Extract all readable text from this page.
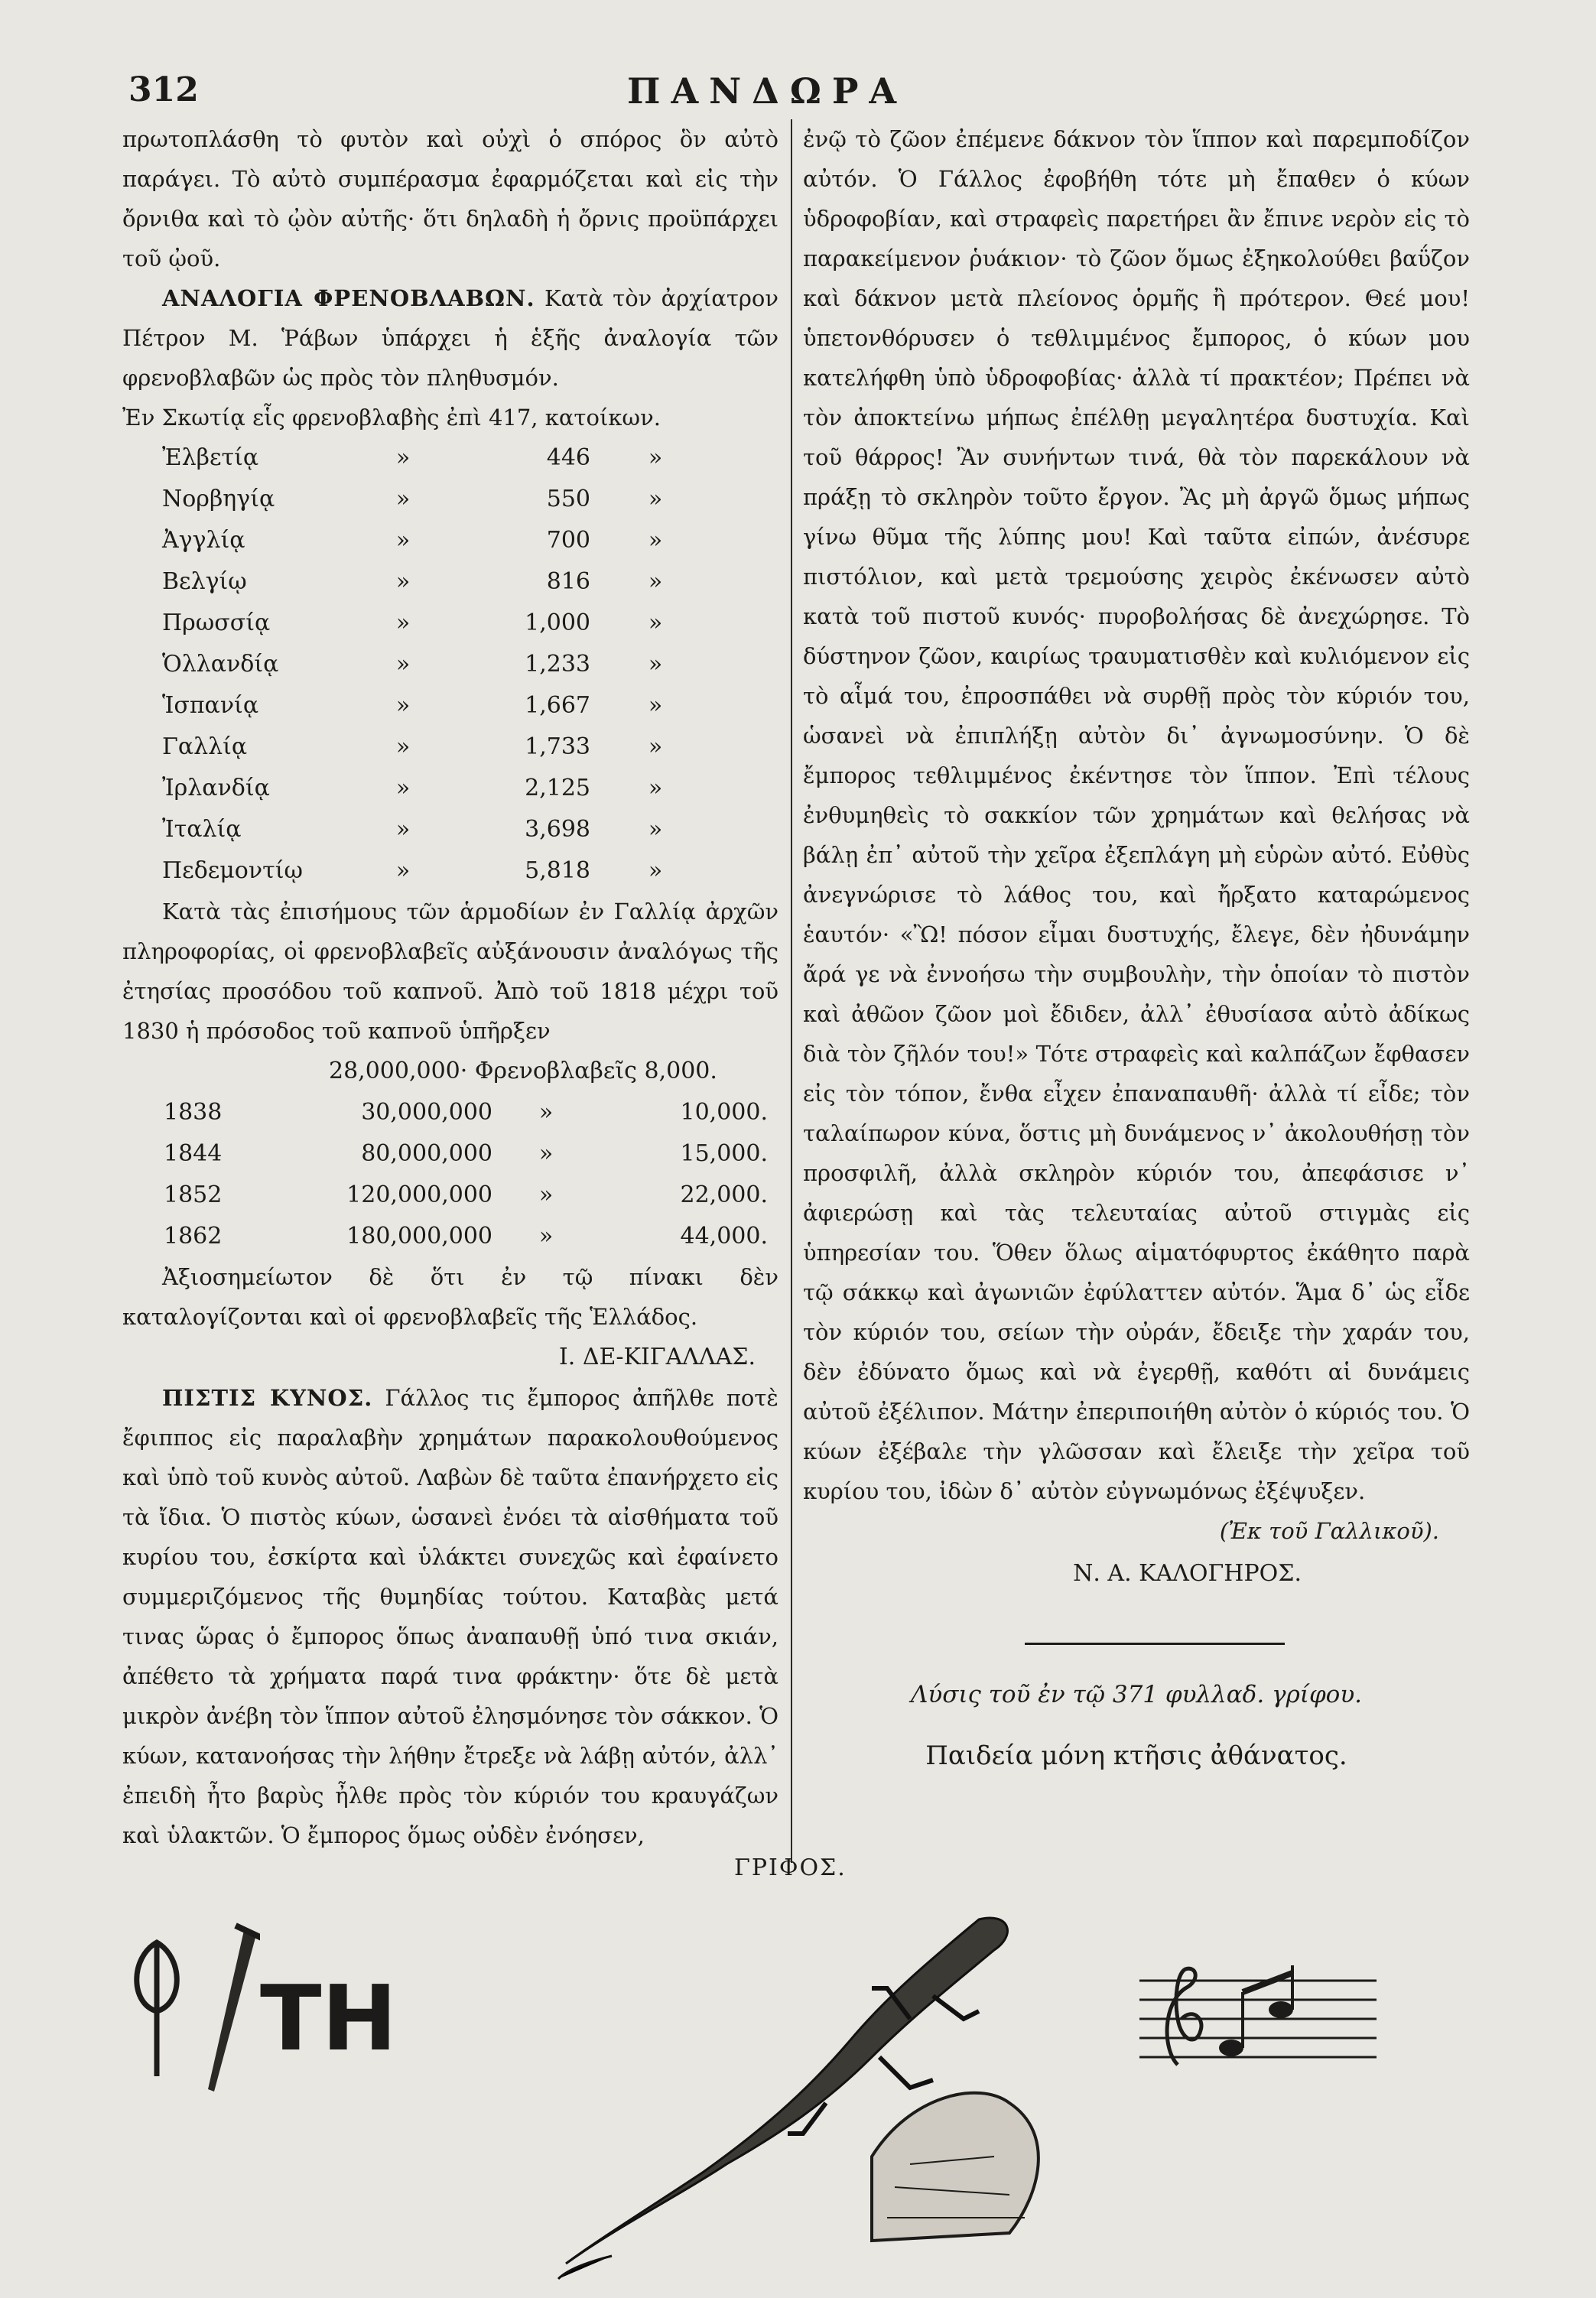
312	ΠΑΝΔΩΡΑ

πρωτοπλάσθη τὸ φυτὸν καὶ οὐχὶ ὁ σπόρος ὃν αὐτὸ παράγει. Τὸ αὐτὸ συμπέρασμα ἐφαρμόζεται καὶ εἰς τὴν ὄρνιθα καὶ τὸ ᾠὸν αὐτῆς· ὅτι δηλαδὴ ἡ ὄρνις προϋπάρχει τοῦ ᾠοῦ.

ΑΝΑΛΟΓΙΑ ΦΡΕΝΟΒΛΑΒΩΝ. Κατὰ τὸν ἀρχίατρον Πέτρον Μ. Ῥάβων ὑπάρχει ἡ ἑξῆς ἀναλογία τῶν φρενοβλαβῶν ὡς πρὸς τὸν πληθυσμόν.

Ἐν Σκωτίᾳ εἷς φρενοβλαβὴς ἐπὶ 417, κατοίκων.

Ἐλβετίᾳ	»	446	»
Νορβηγίᾳ	»	550	»
Ἀγγλίᾳ	»	700	»
Βελγίῳ	»	816	»
Πρωσσίᾳ	»	1,000	»
Ὁλλανδίᾳ	»	1,233	»
Ἱσπανίᾳ	»	1,667	»
Γαλλίᾳ	»	1,733	»
Ἰρλανδίᾳ	»	2,125	»
Ἰταλίᾳ	»	3,698	»
Πεδεμοντίῳ	»	5,818	»

Κατὰ τὰς ἐπισήμους τῶν ἁρμοδίων ἐν Γαλλίᾳ ἀρχῶν πληροφορίας, οἱ φρενοβλαβεῖς αὐξάνουσιν ἀναλόγως τῆς ἐτησίας προσόδου τοῦ καπνοῦ. Ἀπὸ τοῦ 1818 μέχρι τοῦ 1830 ἡ πρόσοδος τοῦ καπνοῦ ὑπῆρξεν

28,000,000· Φρενοβλαβεῖς 8,000.
1838	30,000,000	»	10,000.
1844	80,000,000	»	15,000.
1852	120,000,000	»	22,000.
1862	180,000,000	»	44,000.

Ἀξιοσημείωτον δὲ ὅτι ἐν τῷ πίνακι δὲν καταλογίζονται καὶ οἱ φρενοβλαβεῖς τῆς Ἑλλάδος.

Ι. ΔΕ-ΚΙΓΑΛΛΑΣ.

ΠΙΣΤΙΣ ΚΥΝΟΣ. Γάλλος τις ἔμπορος ἀπῆλθε ποτὲ ἔφιππος εἰς παραλαβὴν χρημάτων παρακολουθούμενος καὶ ὑπὸ τοῦ κυνὸς αὐτοῦ. Λαβὼν δὲ ταῦτα ἐπανήρχετο εἰς τὰ ἴδια. Ὁ πιστὸς κύων, ὡσανεὶ ἐνόει τὰ αἰσθήματα τοῦ κυρίου του, ἐσκίρτα καὶ ὑλάκτει συνεχῶς καὶ ἐφαίνετο συμμεριζόμενος τῆς θυμηδίας τούτου. Καταβὰς μετά τινας ὥρας ὁ ἔμπορος ὅπως ἀναπαυθῇ ὑπό τινα σκιάν, ἀπέθετο τὰ χρήματα παρά τινα φράκτην· ὅτε δὲ μετὰ μικρὸν ἀνέβη τὸν ἵππον αὐτοῦ ἐλησμόνησε τὸν σάκκον. Ὁ κύων, κατανοήσας τὴν λήθην ἔτρεξε νὰ λάβῃ αὐτόν, ἀλλ᾿ ἐπειδὴ ἦτο βαρὺς ἦλθε πρὸς τὸν κύριόν του κραυγάζων καὶ ὑλακτῶν. Ὁ ἔμπορος ὅμως οὐδὲν ἐνόησεν,

ἐνῷ τὸ ζῶον ἐπέμενε δάκνον τὸν ἵππον καὶ παρεμποδίζον αὐτόν. Ὁ Γάλλος ἐφοβήθη τότε μὴ ἔπαθεν ὁ κύων ὑδροφοβίαν, καὶ στραφεὶς παρετήρει ἂν ἔπινε νερὸν εἰς τὸ παρακείμενον ῥυάκιον· τὸ ζῶον ὅμως ἐξηκολούθει βαΰζον καὶ δάκνον μετὰ πλείονος ὁρμῆς ἢ πρότερον. Θεέ μου! ὑπετονθόρυσεν ὁ τεθλιμμένος ἔμπορος, ὁ κύων μου κατελήφθη ὑπὸ ὑδροφοβίας· ἀλλὰ τί πρακτέον; Πρέπει νὰ τὸν ἀποκτείνω μήπως ἐπέλθῃ μεγαλητέρα δυστυχία. Καὶ τοῦ θάρρος! Ἂν συνήντων τινά, θὰ τὸν παρεκάλουν νὰ πράξῃ τὸ σκληρὸν τοῦτο ἔργον. Ἂς μὴ ἀργῶ ὅμως μήπως γίνω θῦμα τῆς λύπης μου! Καὶ ταῦτα εἰπών, ἀνέσυρε πιστόλιον, καὶ μετὰ τρεμούσης χειρὸς ἐκένωσεν αὐτὸ κατὰ τοῦ πιστοῦ κυνός· πυροβολήσας δὲ ἀνεχώρησε. Τὸ δύστηνον ζῶον, καιρίως τραυματισθὲν καὶ κυλιόμενον εἰς τὸ αἷμά του, ἐπροσπάθει νὰ συρθῇ πρὸς τὸν κύριόν του, ὡσανεὶ νὰ ἐπιπλήξῃ αὐτὸν δι᾿ ἀγνωμοσύνην. Ὁ δὲ ἔμπορος τεθλιμμένος ἐκέντησε τὸν ἵππον. Ἐπὶ τέλους ἐνθυμηθεὶς τὸ σακκίον τῶν χρημάτων καὶ θελήσας νὰ βάλῃ ἐπ᾿ αὐτοῦ τὴν χεῖρα ἐξεπλάγη μὴ εὑρὼν αὐτό. Εὐθὺς ἀνεγνώρισε τὸ λάθος του, καὶ ἤρξατο καταρώμενος ἑαυτόν· «Ὢ! πόσον εἶμαι δυστυχής, ἔλεγε, δὲν ἠδυνάμην ἄρά γε νὰ ἐννοήσω τὴν συμβουλὴν, τὴν ὁποίαν τὸ πιστὸν καὶ ἀθῶον ζῶον μοὶ ἔδιδεν, ἀλλ᾿ ἐθυσίασα αὐτὸ ἀδίκως διὰ τὸν ζῆλόν του!» Τότε στραφεὶς καὶ καλπάζων ἔφθασεν εἰς τὸν τόπον, ἔνθα εἶχεν ἐπαναπαυθῆ· ἀλλὰ τί εἶδε; τὸν ταλαίπωρον κύνα, ὅστις μὴ δυνάμενος ν᾿ ἀκολουθήσῃ τὸν προσφιλῆ, ἀλλὰ σκληρὸν κύριόν του, ἀπεφάσισε ν᾿ ἀφιερώσῃ καὶ τὰς τελευταίας αὐτοῦ στιγμὰς εἰς ὑπηρεσίαν του. Ὅθεν ὅλως αἱματόφυρτος ἐκάθητο παρὰ τῷ σάκκῳ καὶ ἀγωνιῶν ἐφύλαττεν αὐτόν. Ἅμα δ᾿ ὡς εἶδε τὸν κύριόν του, σείων τὴν οὐράν, ἔδειξε τὴν χαράν του, δὲν ἐδύνατο ὅμως καὶ νὰ ἐγερθῇ, καθότι αἱ δυνάμεις αὐτοῦ ἐξέλιπον. Μάτην ἐπεριποιήθη αὐτὸν ὁ κύριός του. Ὁ κύων ἐξέβαλε τὴν γλῶσσαν καὶ ἔλειξε τὴν χεῖρα τοῦ κυρίου του, ἰδὼν δ᾿ αὐτὸν εὐγνωμόνως ἐξέψυξεν.

(Ἐκ τοῦ Γαλλικοῦ).

Ν. Α. ΚΑΛΟΓΗΡΟΣ.
Λύσις τοῦ ἐν τῷ 371 φυλλαδ. γρίφου.
Παιδεία μόνη κτῆσις ἀθάνατος.
ΓΡΙΦΟΣ.
ΤΗ
